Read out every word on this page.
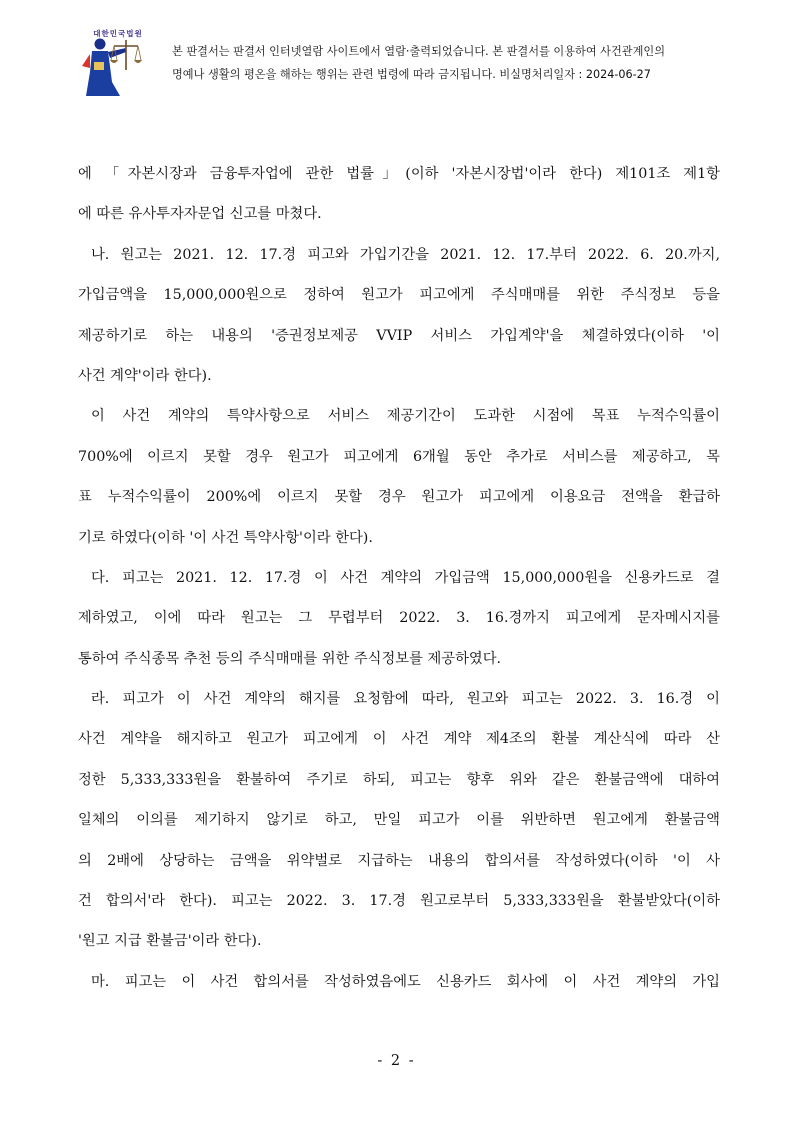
대한민국법원
본 판결서는 판결서 인터넷열람 사이트에서 열람·출력되었습니다. 본 판결서를 이용하여 사건관계인의
명예나 생활의 평온을 해하는 행위는 관련 법령에 따라 금지됩니다. 비실명처리일자 : 2024-06-27
에 「자본시장과 금융투자업에 관한 법률」(이하 '자본시장법'이라 한다) 제101조 제1항
에 따른 유사투자자문업 신고를 마쳤다.
나. 원고는 2021. 12. 17.경 피고와 가입기간을 2021. 12. 17.부터 2022. 6. 20.까지,
가입금액을 15,000,000원으로 정하여 원고가 피고에게 주식매매를 위한 주식정보 등을
제공하기로 하는 내용의 '증권정보제공 VVIP 서비스 가입계약'을 체결하였다(이하 '이
사건 계약'이라 한다).
이 사건 계약의 특약사항으로 서비스 제공기간이 도과한 시점에 목표 누적수익률이
700%에 이르지 못할 경우 원고가 피고에게 6개월 동안 추가로 서비스를 제공하고, 목
표 누적수익률이 200%에 이르지 못할 경우 원고가 피고에게 이용요금 전액을 환급하
기로 하였다(이하 '이 사건 특약사항'이라 한다).
다. 피고는 2021. 12. 17.경 이 사건 계약의 가입금액 15,000,000원을 신용카드로 결
제하였고, 이에 따라 원고는 그 무렵부터 2022. 3. 16.경까지 피고에게 문자메시지를
통하여 주식종목 추천 등의 주식매매를 위한 주식정보를 제공하였다.
라. 피고가 이 사건 계약의 해지를 요청함에 따라, 원고와 피고는 2022. 3. 16.경 이
사건 계약을 해지하고 원고가 피고에게 이 사건 계약 제4조의 환불 계산식에 따라 산
정한 5,333,333원을 환불하여 주기로 하되, 피고는 향후 위와 같은 환불금액에 대하여
일체의 이의를 제기하지 않기로 하고, 만일 피고가 이를 위반하면 원고에게 환불금액
의 2배에 상당하는 금액을 위약벌로 지급하는 내용의 합의서를 작성하였다(이하 '이 사
건 합의서'라 한다). 피고는 2022. 3. 17.경 원고로부터 5,333,333원을 환불받았다(이하
'원고 지급 환불금'이라 한다).
마. 피고는 이 사건 합의서를 작성하였음에도 신용카드 회사에 이 사건 계약의 가입
- 2 -
